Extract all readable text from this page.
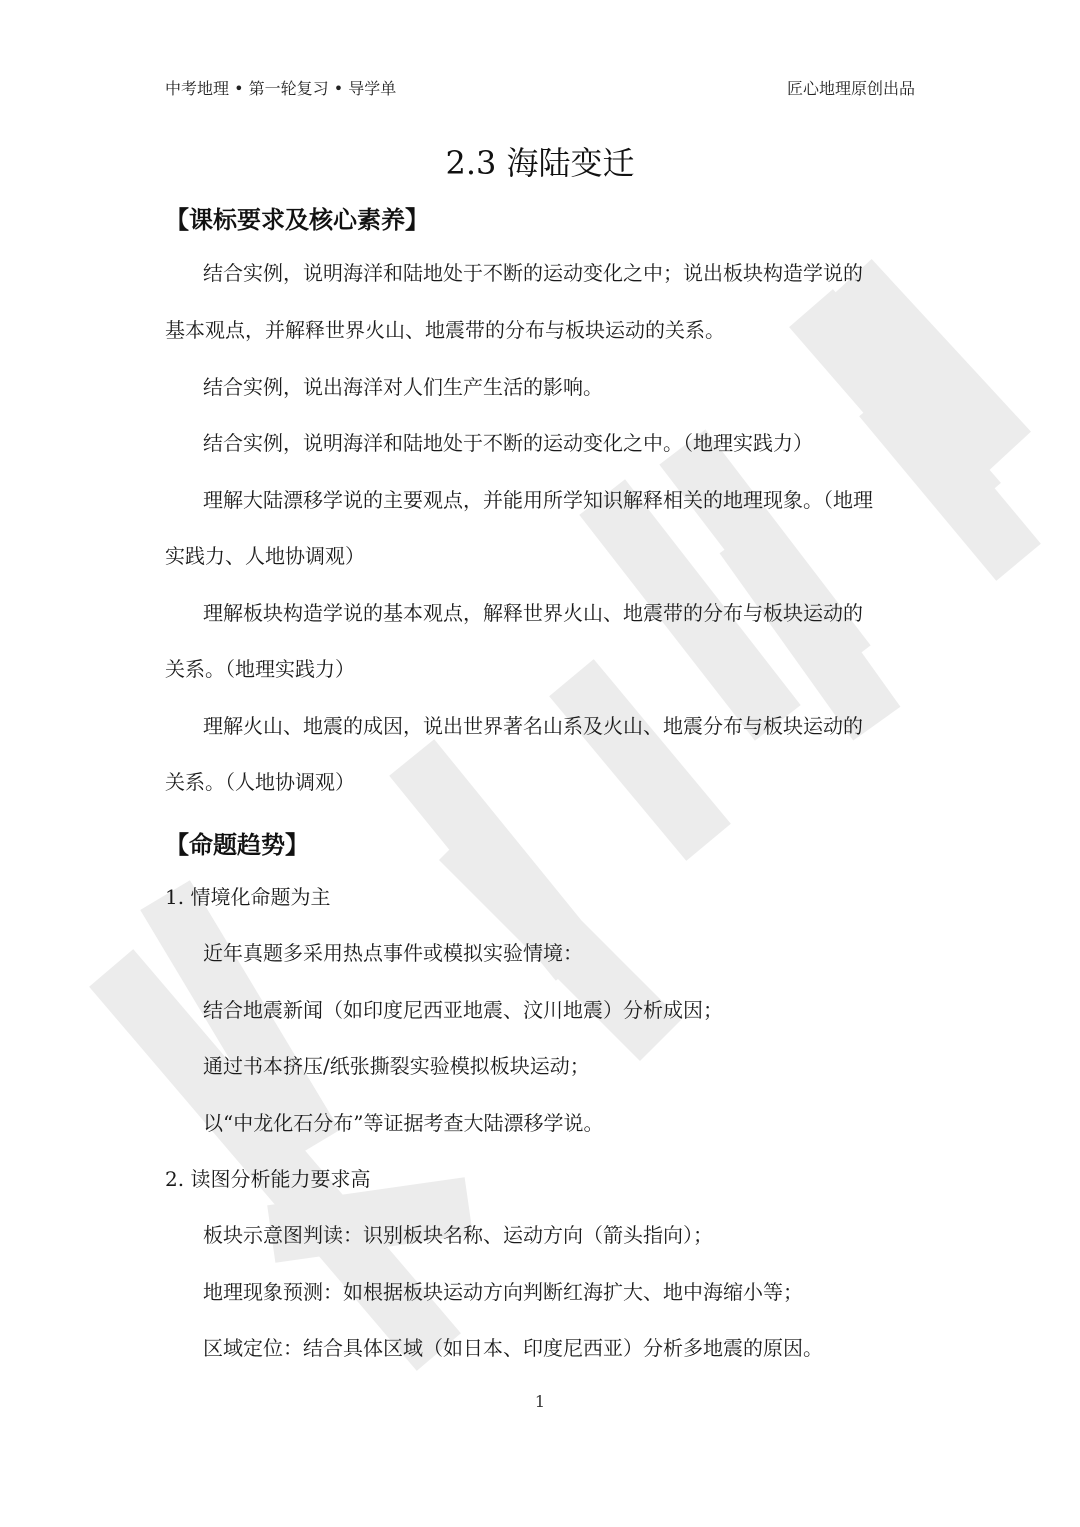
中考地理 • 第一轮复习 • 导学单	匠心地理原创出品
2.3 海陆变迁
【课标要求及核心素养】
结合实例，说明海洋和陆地处于不断的运动变化之中；说出板块构造学说的
基本观点，并解释世界火山、地震带的分布与板块运动的关系。
结合实例，说出海洋对人们生产生活的影响。
结合实例，说明海洋和陆地处于不断的运动变化之中。（地理实践力）
理解大陆漂移学说的主要观点，并能用所学知识解释相关的地理现象。（地理
实践力、人地协调观）
理解板块构造学说的基本观点，解释世界火山、地震带的分布与板块运动的
关系。（地理实践力）
理解火山、地震的成因，说出世界著名山系及火山、地震分布与板块运动的
关系。（人地协调观）
【命题趋势】
1. 情境化命题为主
近年真题多采用热点事件或模拟实验情境：
结合地震新闻（如印度尼西亚地震、汶川地震）分析成因；
通过书本挤压/纸张撕裂实验模拟板块运动；
以“中龙化石分布”等证据考查大陆漂移学说。
2. 读图分析能力要求高
板块示意图判读：识别板块名称、运动方向（箭头指向）；
地理现象预测：如根据板块运动方向判断红海扩大、地中海缩小等；
区域定位：结合具体区域（如日本、印度尼西亚）分析多地震的原因。
1
